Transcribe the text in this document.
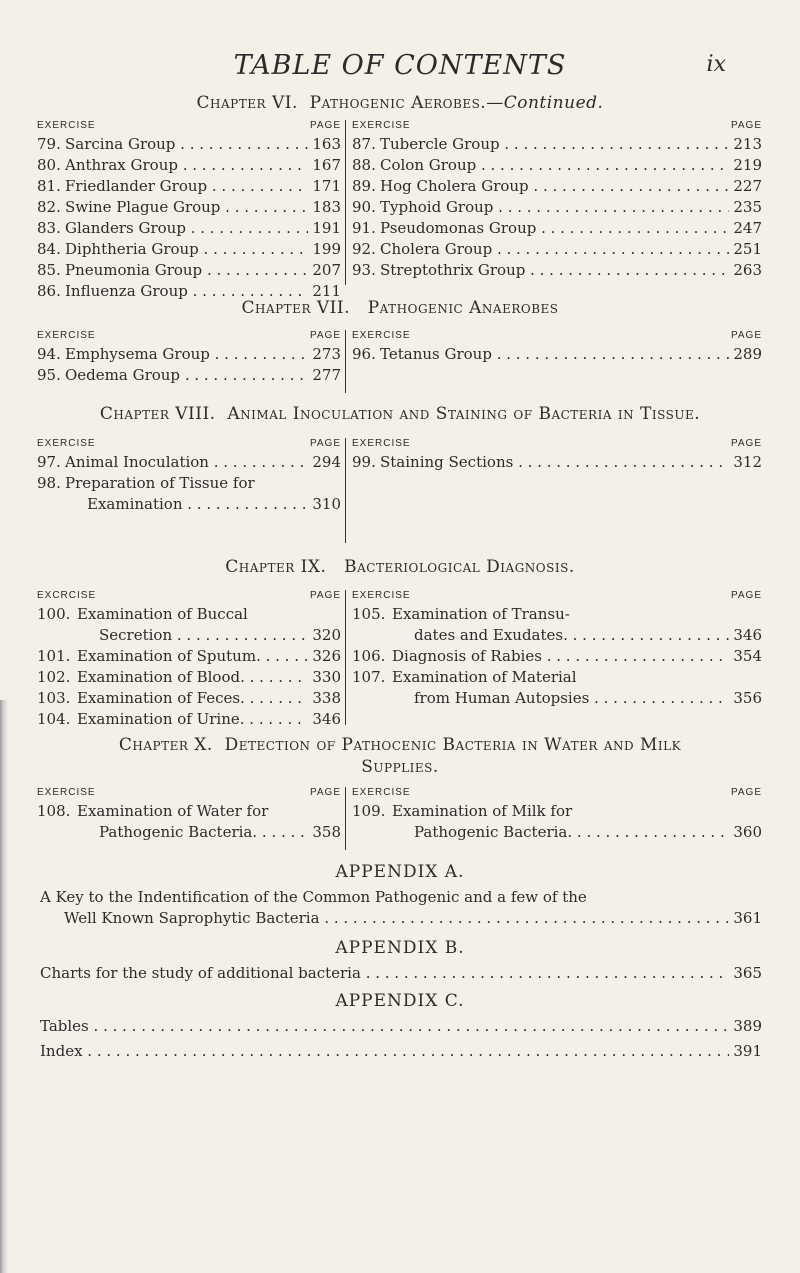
TABLE OF CONTENTS	ix
Chapter VI. Pathogenic Aerobes.—Continued.
EXERCISE	PAGE
79. Sarcina Group . . .	163
80. Anthrax Group . . .	167
81. Friedlander Group . . .	171
82. Swine Plague Group . . .	183
83. Glanders Group . . .	191
84. Diphtheria Group . . .	199
85. Pneumonia Group . . .	207
86. Influenza Group . . .	211
EXERCISE	PAGE
87. Tubercle Group . . .	213
88. Colon Group . . .	219
89. Hog Cholera Group . . .	227
90. Typhoid Group . . .	235
91. Pseudomonas Group . . .	247
92. Cholera Group . . .	251
93. Streptothrix Group . . .	263
Chapter VII. Pathogenic Anaerobes
EXERCISE	PAGE
94. Emphysema Group . . .	273
95. Oedema Group . . .	277
EXERCISE	PAGE
96. Tetanus Group . . .	289
Chapter VIII. Animal Inoculation and Staining of Bacteria in Tissue.
EXERCISE	PAGE
97. Animal Inoculation . . .	294
98. Preparation of Tissue for
Examination . . .	310
EXERCISE	PAGE
99. Staining Sections . . .	312
Chapter IX. Bacteriological Diagnosis.
EXCRCISE	PAGE
100. Examination of Buccal
Secretion . . .	320
101. Examination of Sputum. . . . .	326
102. Examination of Blood. . . . . . .	330
103. Examination of Feces. . . . . . .	338
104. Examination of Urine. . . . . . .	346
EXERCISE	PAGE
105. Examination of Transu-
dates and Exudates. . . . . . .	346
106. Diagnosis of Rabies . . .	354
107. Examination of Material
from Human Autopsies . . .	356
Chapter X. Detection of Pathocenic Bacteria in Water and Milk
Supplies.
EXERCISE	PAGE
108. Examination of Water for
Pathogenic Bacteria. . . . . . .	358
EXERCISE	PAGE
109. Examination of Milk for
Pathogenic Bacteria. . . . . . .	360
APPENDIX A.
A Key to the Indentification of the Common Pathogenic and a few of the
Well Known Saprophytic Bacteria . . .	361
APPENDIX B.
Charts for the study of additional bacteria . . .	365
APPENDIX C.
Tables . . .	389
Index . . .	391
